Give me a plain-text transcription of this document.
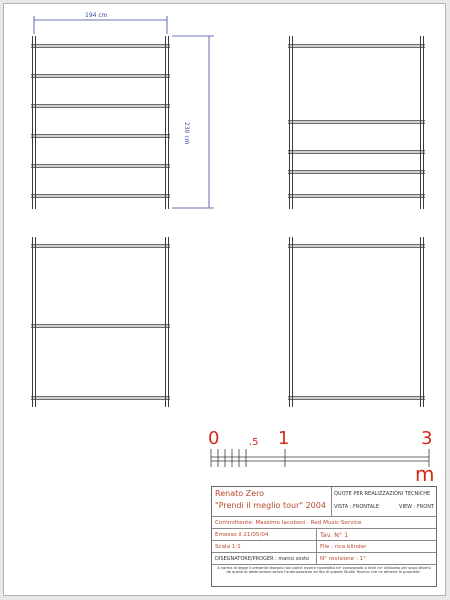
194 cm
230 cm
0	.5 1	3
m
Renato Zero
"Prendi il meglio tour" 2004
QUOTE PER REALIZZAZIONI TECNICHE
VISTA : FRONTALE	VIEW : FRONT
Committente: Massimo Iacoboni . Red Music Service
Emesso il 21/05/04	Tav. N° 1
Scala 1:1	File : rica blinder
DISEGNATORE/PROGER : marco sosto	N° revisione : 1°
A norma di legge il presente disegno non potra' essere riprodotto ne' consegnato a terzi ne' utilizzato per scopi diversi da quello di destinazione senza l'autorizzazione scritta di questo Studio Tecnico che ne detiene la proprieta'.
